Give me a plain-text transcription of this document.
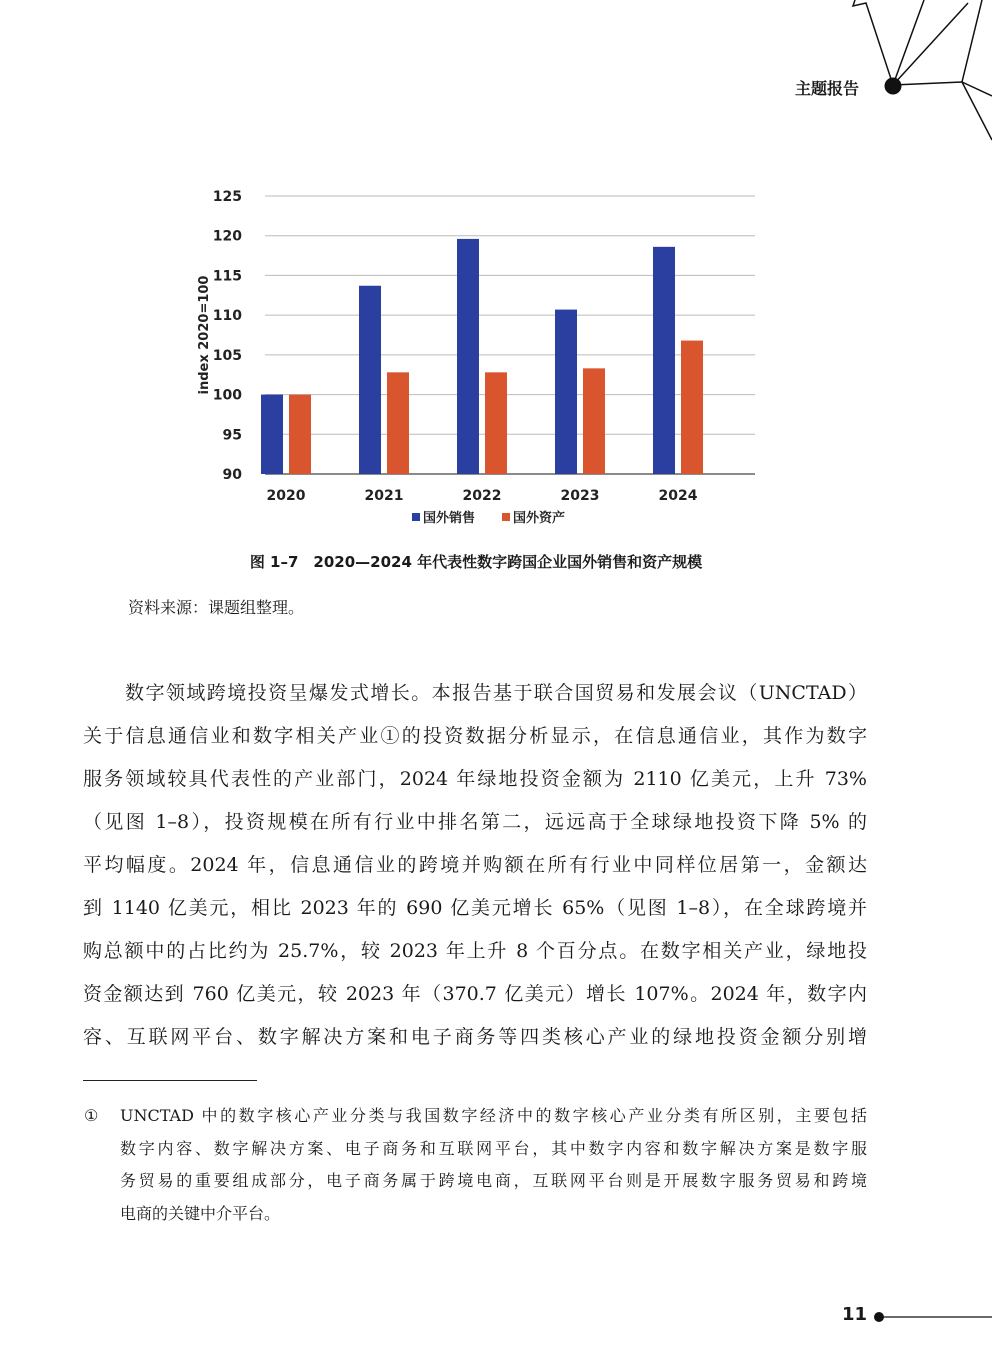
主题报告
90
95
100
105
110
115
120
125
index 2020=100
2020	2021	2022	2023	2024
国外销售	国外资产
图 1–7　2020—2024 年代表性数字跨国企业国外销售和资产规模
资料来源：课题组整理。
数字领域跨境投资呈爆发式增长。本报告基于联合国贸易和发展会议（UNCTAD）
关于信息通信业和数字相关产业①的投资数据分析显示，在信息通信业，其作为数字
服务领域较具代表性的产业部门，2024 年绿地投资金额为 2110 亿美元，上升 73%
（见图 1–8），投资规模在所有行业中排名第二，远远高于全球绿地投资下降 5% 的
平均幅度。2024 年，信息通信业的跨境并购额在所有行业中同样位居第一，金额达
到 1140 亿美元，相比 2023 年的 690 亿美元增长 65%（见图 1–8），在全球跨境并
购总额中的占比约为 25.7%，较 2023 年上升 8 个百分点。在数字相关产业，绿地投
资金额达到 760 亿美元，较 2023 年（370.7 亿美元）增长 107%。2024 年，数字内
容、互联网平台、数字解决方案和电子商务等四类核心产业的绿地投资金额分别增
① UNCTAD 中的数字核心产业分类与我国数字经济中的数字核心产业分类有所区别，主要包括
数字内容、数字解决方案、电子商务和互联网平台，其中数字内容和数字解决方案是数字服
务贸易的重要组成部分，电子商务属于跨境电商，互联网平台则是开展数字服务贸易和跨境
电商的关键中介平台。
11
